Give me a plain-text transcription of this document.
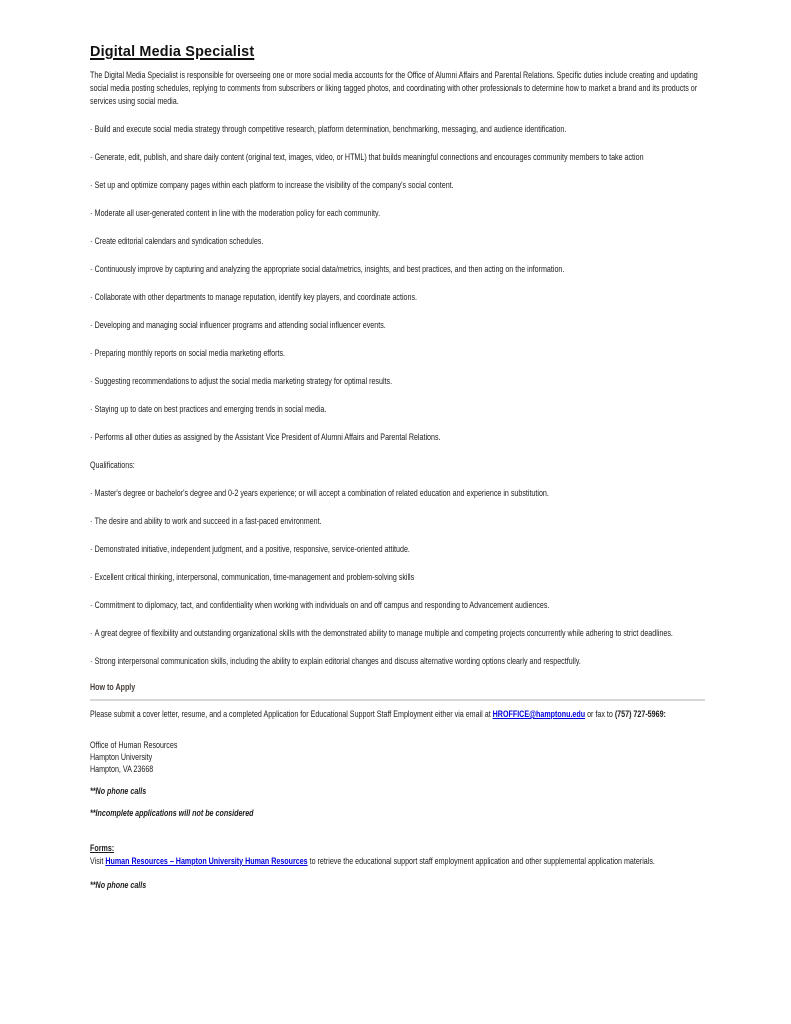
Digital Media Specialist

The Digital Media Specialist is responsible for overseeing one or more social media accounts for the Office of Alumni Affairs and Parental Relations. Specific duties include creating and updating social media posting schedules, replying to comments from subscribers or liking tagged photos, and coordinating with other professionals to determine how to market a brand and its products or services using social media.

· Build and execute social media strategy through competitive research, platform determination, benchmarking, messaging, and audience identification.

· Generate, edit, publish, and share daily content (original text, images, video, or HTML) that builds meaningful connections and encourages community members to take action

· Set up and optimize company pages within each platform to increase the visibility of the company's social content.

· Moderate all user-generated content in line with the moderation policy for each community.

· Create editorial calendars and syndication schedules.

· Continuously improve by capturing and analyzing the appropriate social data/metrics, insights, and best practices, and then acting on the information.

· Collaborate with other departments to manage reputation, identify key players, and coordinate actions.

· Developing and managing social influencer programs and attending social influencer events.

· Preparing monthly reports on social media marketing efforts.

· Suggesting recommendations to adjust the social media marketing strategy for optimal results.

· Staying up to date on best practices and emerging trends in social media.

· Performs all other duties as assigned by the Assistant Vice President of Alumni Affairs and Parental Relations.

Qualifications:

· Master's degree or bachelor's degree and 0-2 years experience; or will accept a combination of related education and experience in substitution.

· The desire and ability to work and succeed in a fast-paced environment.

· Demonstrated initiative, independent judgment, and a positive, responsive, service-oriented attitude.

· Excellent critical thinking, interpersonal, communication, time-management and problem-solving skills

· Commitment to diplomacy, tact, and confidentiality when working with individuals on and off campus and responding to Advancement audiences.

· A great degree of flexibility and outstanding organizational skills with the demonstrated ability to manage multiple and competing projects concurrently while adhering to strict deadlines.

· Strong interpersonal communication skills, including the ability to explain editorial changes and discuss alternative wording options clearly and respectfully.

How to Apply

Please submit a cover letter, resume, and a completed Application for Educational Support Staff Employment either via email at HROFFICE@hamptonu.edu or fax to (757) 727-5969:

Office of Human Resources
Hampton University
Hampton, VA 23668

**No phone calls

**Incomplete applications will not be considered

Forms:

Visit Human Resources – Hampton University Human Resources to retrieve the educational support staff employment application and other supplemental application materials.

**No phone calls
